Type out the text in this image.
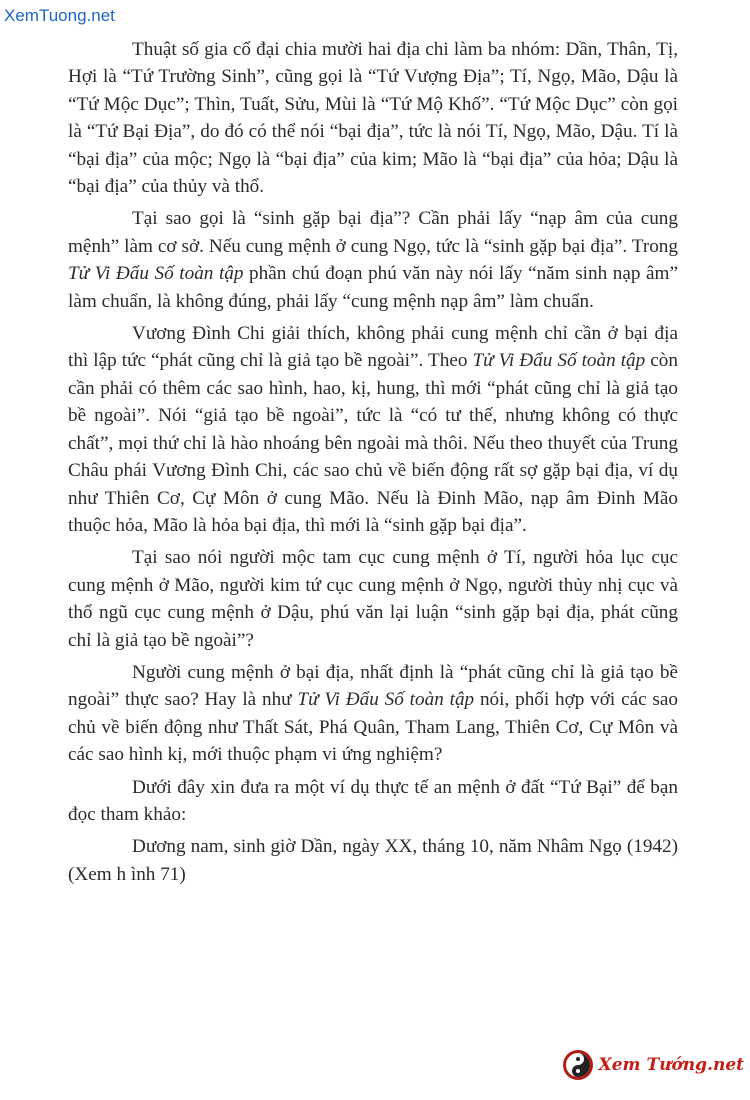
XemTuong.net

Thuật số gia cổ đại chia mười hai địa chi làm ba nhóm: Dần, Thân, Tị, Hợi là “Tứ Trường Sinh”, cũng gọi là “Tứ Vượng Địa”; Tí, Ngọ, Mão, Dậu là “Tứ Mộc Dục”; Thìn, Tuất, Sửu, Mùi là “Tứ Mộ Khố”. “Tứ Mộc Dục” còn gọi là “Tứ Bại Địa”, do đó có thể nói “bại địa”, tức là nói Tí, Ngọ, Mão, Dậu. Tí là “bại địa” của mộc; Ngọ là “bại địa” của kim; Mão là “bại địa” của hỏa; Dậu là “bại địa” của thủy và thổ.

Tại sao gọi là “sinh gặp bại địa”? Cần phải lấy “nạp âm của cung mệnh” làm cơ sở. Nếu cung mệnh ở cung Ngọ, tức là “sinh gặp bại địa”. Trong Tử Vi Đẩu Số toàn tập phần chú đoạn phú văn này nói lấy “năm sinh nạp âm” làm chuẩn, là không đúng, phải lấy “cung mệnh nạp âm” làm chuẩn.

Vương Đình Chi giải thích, không phải cung mệnh chỉ cần ở bại địa thì lập tức “phát cũng chỉ là giả tạo bề ngoài”. Theo Tử Vi Đẩu Số toàn tập còn cần phải có thêm các sao hình, hao, kị, hung, thì mới “phát cũng chỉ là giả tạo bề ngoài”. Nói “giả tạo bề ngoài”, tức là “có tư thế, nhưng không có thực chất”, mọi thứ chỉ là hào nhoáng bên ngoài mà thôi. Nếu theo thuyết của Trung Châu phái Vương Đình Chi, các sao chủ về biến động rất sợ gặp bại địa, ví dụ như Thiên Cơ, Cự Môn ở cung Mão. Nếu là Đinh Mão, nạp âm Đinh Mão thuộc hỏa, Mão là hỏa bại địa, thì mới là “sinh gặp bại địa”.

Tại sao nói người mộc tam cục cung mệnh ở Tí, người hỏa lục cục cung mệnh ở Mão, người kim tứ cục cung mệnh ở Ngọ, người thủy nhị cục và thổ ngũ cục cung mệnh ở Dậu, phú văn lại luận “sinh gặp bại địa, phát cũng chỉ là giả tạo bề ngoài”?

Người cung mệnh ở bại địa, nhất định là “phát cũng chỉ là giả tạo bề ngoài” thực sao? Hay là như Tử Vi Đẩu Số toàn tập nói, phối hợp với các sao chủ về biến động như Thất Sát, Phá Quân, Tham Lang, Thiên Cơ, Cự Môn và các sao hình kị, mới thuộc phạm vi ứng nghiệm?

Dưới đây xin đưa ra một ví dụ thực tế an mệnh ở đất “Tứ Bại” để bạn đọc tham khảo:

Dương nam, sinh giờ Dần, ngày XX, tháng 10, năm Nhâm Ngọ (1942) (Xem h ình 71)

Xem Tướng.net
